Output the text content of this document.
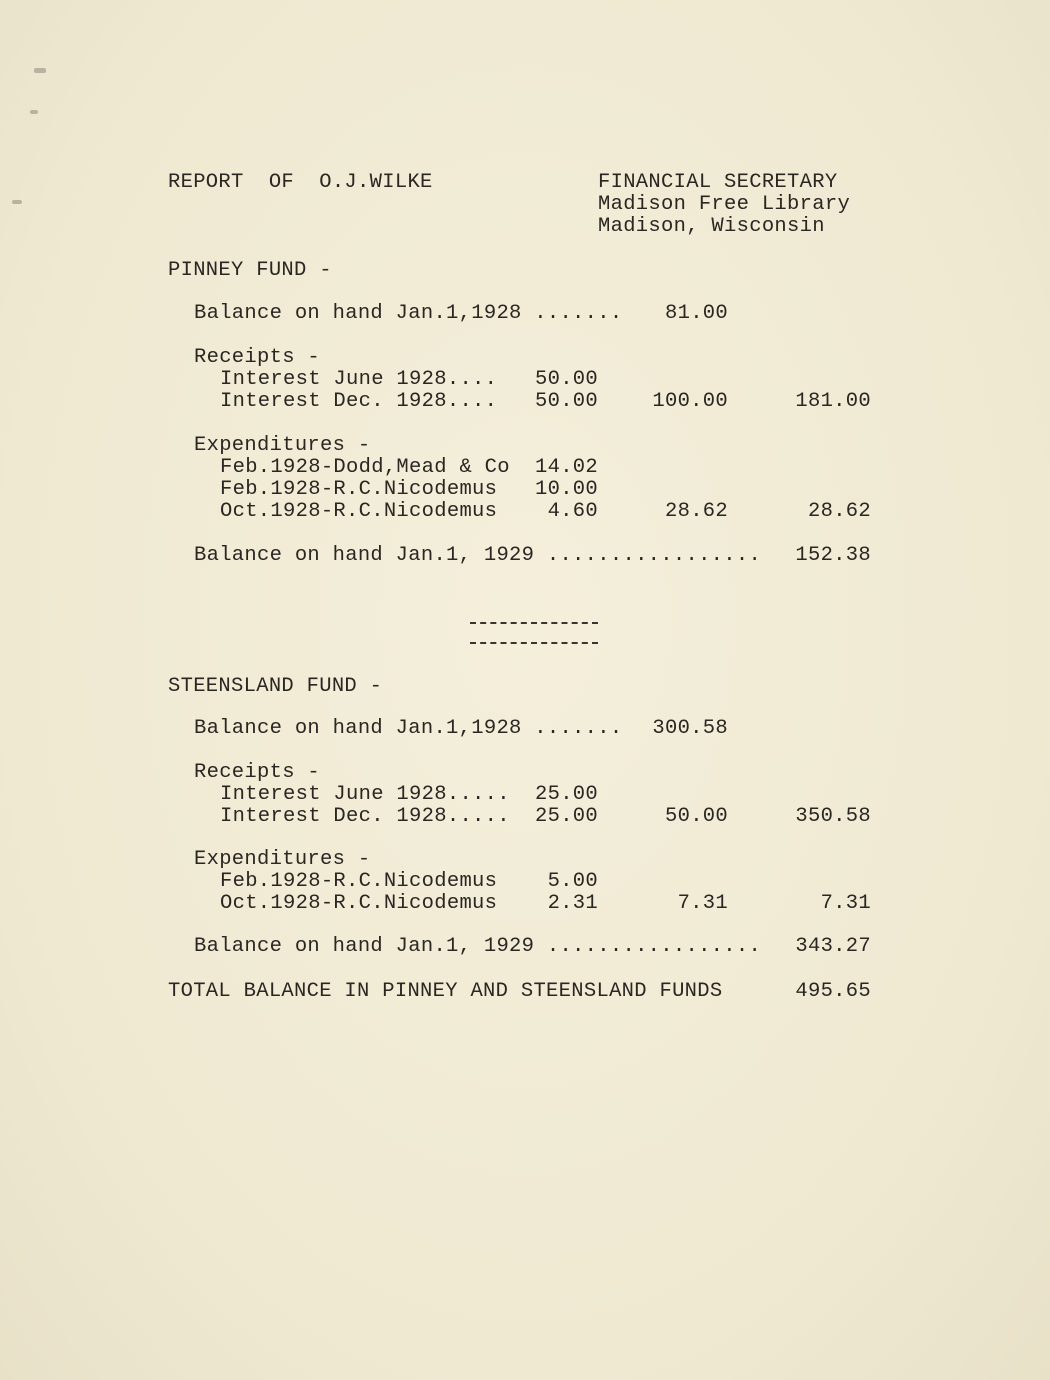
REPORT  OF  O.J.WILKE	FINANCIAL SECRETARY
Madison Free Library
Madison, Wisconsin
PINNEY FUND -
Balance on hand Jan.1,1928 .......	81.00
Receipts -
Interest June 1928....	50.00
Interest Dec. 1928....	50.00	100.00	181.00
Expenditures -
Feb.1928-Dodd,Mead & Co	14.02
Feb.1928-R.C.Nicodemus	10.00
Oct.1928-R.C.Nicodemus	4.60	28.62	28.62
Balance on hand Jan.1, 1929 .................	152.38
STEENSLAND FUND -
Balance on hand Jan.1,1928 .......	300.58
Receipts -
Interest June 1928.....	25.00
Interest Dec. 1928.....	25.00	50.00	350.58
Expenditures -
Feb.1928-R.C.Nicodemus	5.00
Oct.1928-R.C.Nicodemus	2.31	7.31	7.31
Balance on hand Jan.1, 1929 .................	343.27
TOTAL BALANCE IN PINNEY AND STEENSLAND FUNDS	495.65
